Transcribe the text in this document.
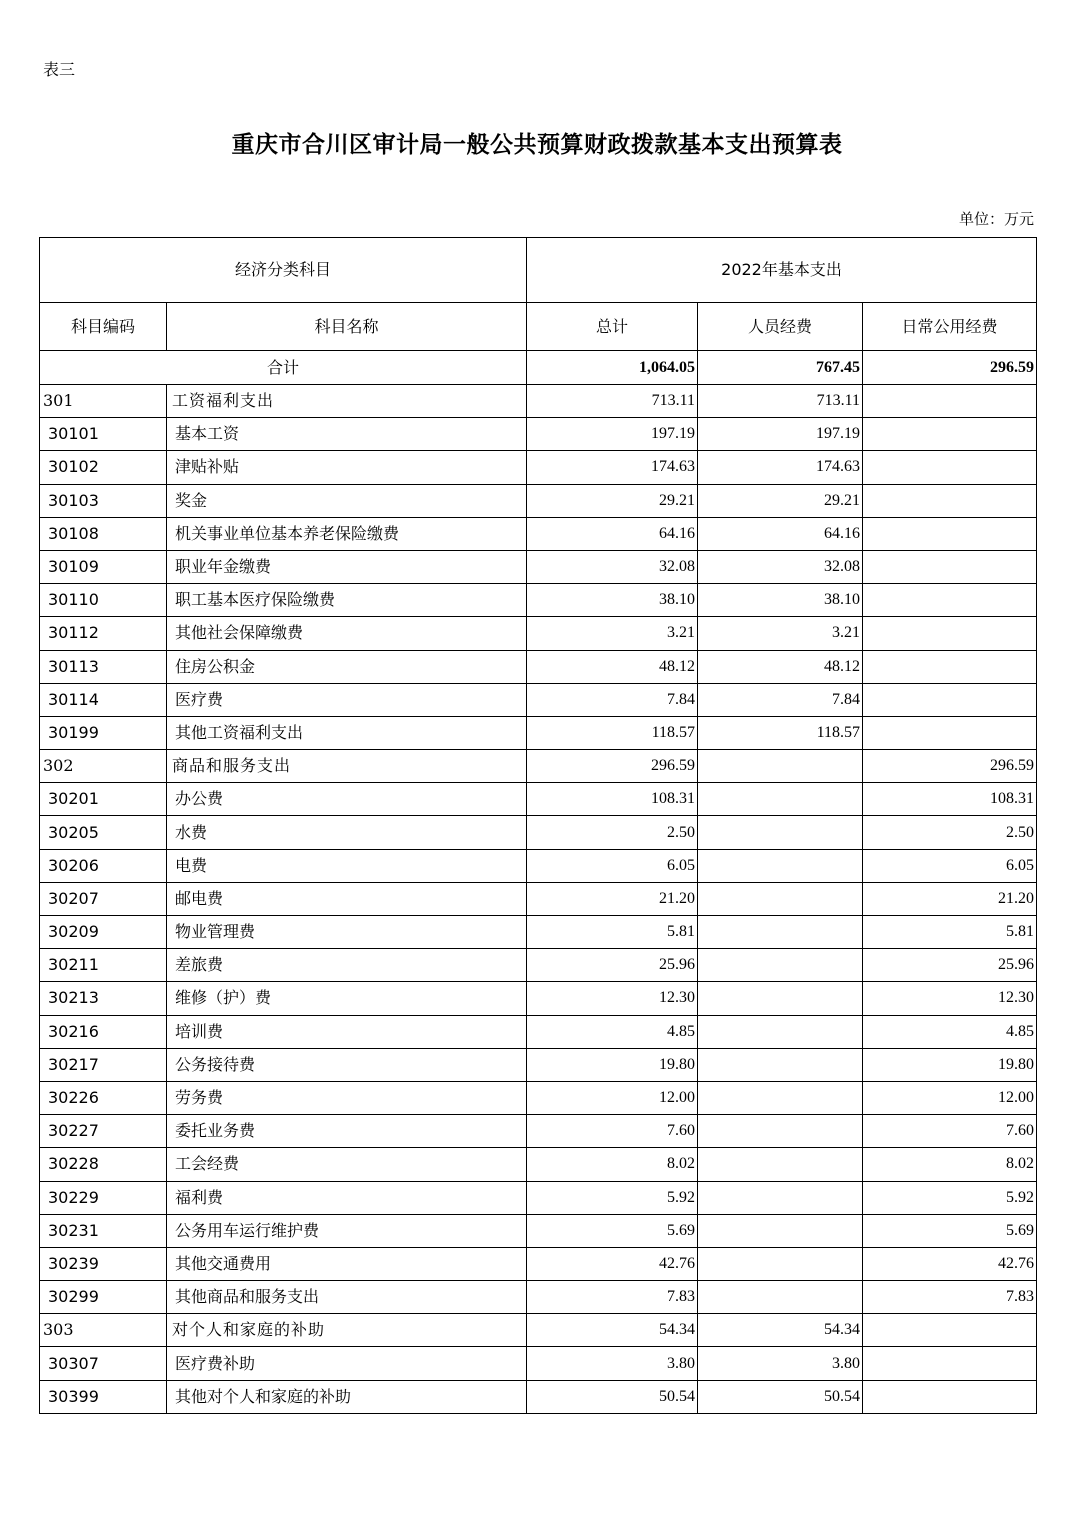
表三
重庆市合川区审计局一般公共预算财政拨款基本支出预算表
单位：万元
经济分类科目		2022年基本支出		
科目编码	科目名称	总计	人员经费	日常公用经费
合计		1,064.05	767.45	296.59
301	工资福利支出	713.11	713.11	
30101	基本工资	197.19	197.19	
30102	津贴补贴	174.63	174.63	
30103	奖金	29.21	29.21	
30108	机关事业单位基本养老保险缴费	64.16	64.16	
30109	职业年金缴费	32.08	32.08	
30110	职工基本医疗保险缴费	38.10	38.10	
30112	其他社会保障缴费	3.21	3.21	
30113	住房公积金	48.12	48.12	
30114	医疗费	7.84	7.84	
30199	其他工资福利支出	118.57	118.57	
302	商品和服务支出	296.59		296.59
30201	办公费	108.31		108.31
30205	水费	2.50		2.50
30206	电费	6.05		6.05
30207	邮电费	21.20		21.20
30209	物业管理费	5.81		5.81
30211	差旅费	25.96		25.96
30213	维修（护）费	12.30		12.30
30216	培训费	4.85		4.85
30217	公务接待费	19.80		19.80
30226	劳务费	12.00		12.00
30227	委托业务费	7.60		7.60
30228	工会经费	8.02		8.02
30229	福利费	5.92		5.92
30231	公务用车运行维护费	5.69		5.69
30239	其他交通费用	42.76		42.76
30299	其他商品和服务支出	7.83		7.83
303	对个人和家庭的补助	54.34	54.34	
30307	医疗费补助	3.80	3.80	
30399	其他对个人和家庭的补助	50.54	50.54	
